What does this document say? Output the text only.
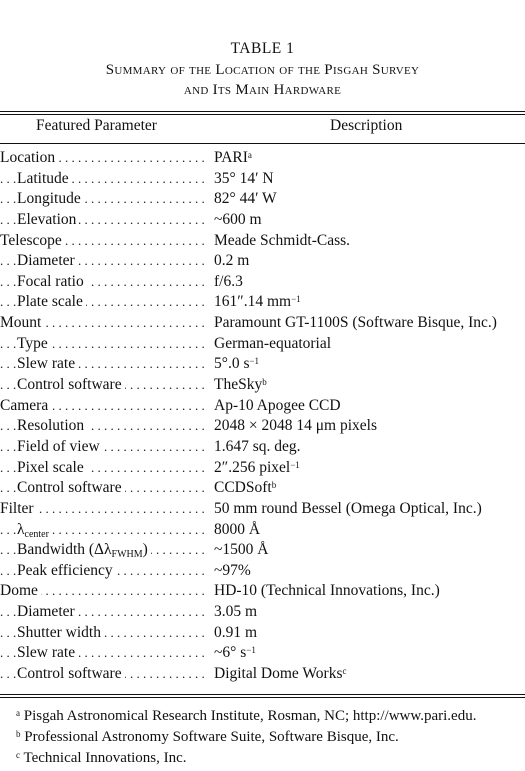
TABLE 1
Summary of the Location of the Pisgah Survey
and Its Main Hardware
Featured Parameter	Description
Location . . .	PARI$^a$
Latitude . . .	35° 14′ N
Longitude . . .	82° 44′ W
Elevation . . .	~600 m
Telescope . . .	Meade Schmidt-Cass.
Diameter . . .	0.2 m
Focal ratio . . .	f/6.3
Plate scale . . .	161″.14 $mm^{-1}$
Mount . . .	Paramount GT-1100S (Software Bisque, Inc.)
Type . . .	German-equatorial
Slew rate . . .	5°.0 $s^{-1}$
Control software . . .	TheSky$^b$
Camera . . .	Ap-10 Apogee CCD
Resolution . . .	2048 × 2048 14 μm pixels
Field of view . . .	1.647 sq. deg.
Pixel scale . . .	2″.256 pixel$^{-1}$
Control software . . .	CCDSoft$^b$
Filter . . .	50 mm round Bessel (Omega Optical, Inc.)
λcenter . . .	8000 Å
Bandwidth (ΔλFWHM) . . .	~1500 Å
Peak efficiency . . .	~97%
Dome . . .	HD-10 (Technical Innovations, Inc.)
Diameter . . .	3.05 m
Shutter width . . .	0.91 m
Slew rate . . .	~6° $s^{-1}$
Control software . . .	Digital Dome Works$^c$
$^a$ Pisgah Astronomical Research Institute, Rosman, NC; http://www.pari.edu.
$^b$ Professional Astronomy Software Suite, Software Bisque, Inc.
$^c$ Technical Innovations, Inc.
